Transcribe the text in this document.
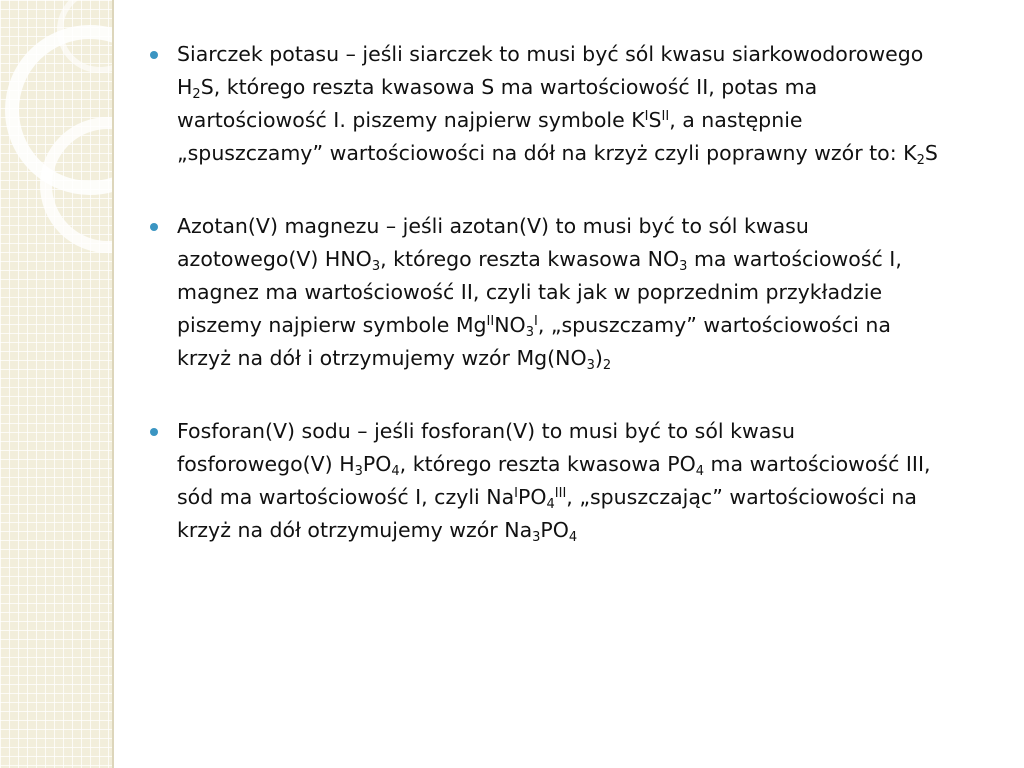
Siarczek potasu – jeśli siarczek to musi być sól kwasu siarkowodorowego $H_2S$, którego reszta kwasowa S ma wartościowość II, potas ma wartościowość I. piszemy najpierw symbole $K^IS^{II}$, a następnie „spuszczamy” wartościowości na dół na krzyż czyli poprawny wzór to: $K_2S$
Azotan(V) magnezu – jeśli azotan(V) to musi być to sól kwasu azotowego(V) $HNO_3$, którego reszta kwasowa $NO_3$ ma wartościowość I, magnez ma wartościowość II, czyli tak jak w poprzednim przykładzie piszemy najpierw symbole $Mg^{II}NO_3^I$, „spuszczamy” wartościowości na krzyż na dół i otrzymujemy wzór $Mg(NO_3)_2$
Fosforan(V) sodu – jeśli fosforan(V) to musi być to sól kwasu fosforowego(V) $H_3PO_4$, którego reszta kwasowa $PO_4$ ma wartościowość III, sód ma wartościowość I, czyli $Na^IPO_4^{III}$, „spuszczając” wartościowości na krzyż na dół otrzymujemy wzór $Na_3PO_4$
